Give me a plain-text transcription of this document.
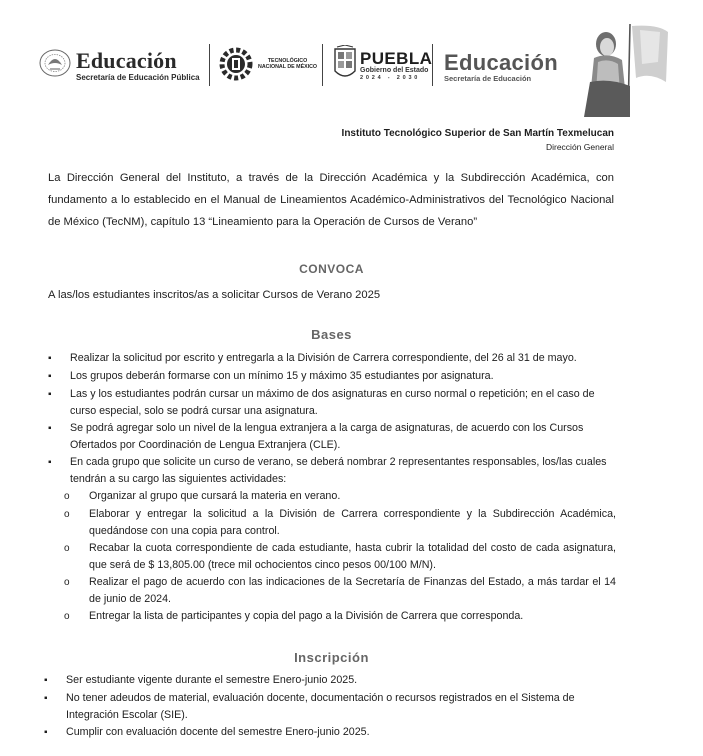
Educación
Secretaría de Educación Pública
TECNOLÓGICO
NACIONAL DE MÉXICO	PUEBLA
Gobierno del Estado
2024 - 2030
Educación
Secretaría de Educación
Instituto Tecnológico Superior de San Martín Texmelucan
Dirección General

La Dirección General del Instituto, a través de la Dirección Académica y la Subdirección Académica, con fundamento a lo establecido en el Manual de Lineamientos Académico-Administrativos del Tecnológico Nacional de México (TecNM), capítulo 13 “Lineamiento para la Operación de Cursos de Verano”

CONVOCA
A las/los estudiantes inscritos/as a solicitar Cursos de Verano 2025
Bases
Realizar la solicitud por escrito y entregarla a la División de Carrera correspondiente, del 26 al 31 de mayo.
Los grupos deberán formarse con un mínimo 15 y máximo 35 estudiantes por asignatura.
Las y los estudiantes podrán cursar un máximo de dos asignaturas en curso normal o repetición; en el caso de curso especial, solo se podrá cursar una asignatura.
Se podrá agregar solo un nivel de la lengua extranjera a la carga de asignaturas, de acuerdo con los Cursos Ofertados por Coordinación de Lengua Extranjera (CLE).
En cada grupo que solicite un curso de verano, se deberá nombrar 2 representantes responsables, los/las cuales tendrán a su cargo las siguientes actividades:
Organizar al grupo que cursará la materia en verano.
Elaborar y entregar la solicitud a la División de Carrera correspondiente y la Subdirección Académica, quedándose con una copia para control.
Recabar la cuota correspondiente de cada estudiante, hasta cubrir la totalidad del costo de cada asignatura, que será de $ 13,805.00 (trece mil ochocientos cinco pesos 00/100 M/N).
Realizar el pago de acuerdo con las indicaciones de la Secretaría de Finanzas del Estado, a más tardar el 14 de junio de 2024.
Entregar la lista de participantes y copia del pago a la División de Carrera que corresponda.
▪
▪
▪
▪
▪
o
o
o
o
o
Inscripción
Ser estudiante vigente durante el semestre Enero-junio 2025.
No tener adeudos de material, evaluación docente, documentación o recursos registrados en el Sistema de Integración Escolar (SIE).
Cumplir con evaluación docente del semestre Enero-junio 2025.
▪
▪
▪
